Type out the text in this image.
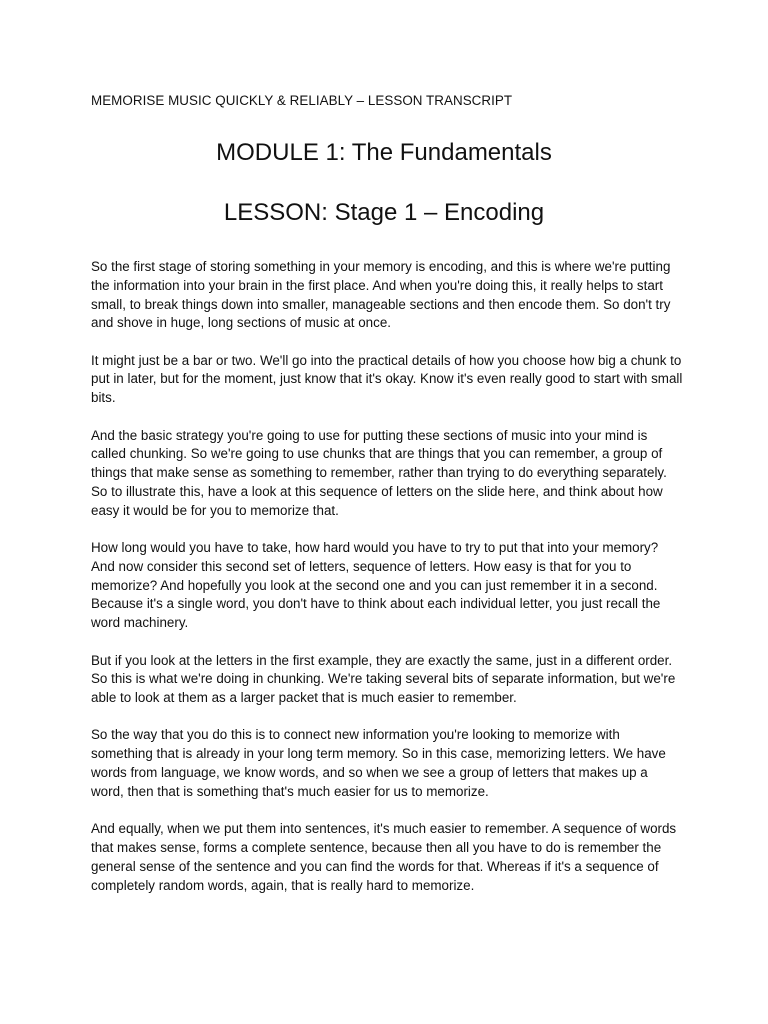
MEMORISE MUSIC QUICKLY & RELIABLY – LESSON TRANSCRIPT
MODULE 1: The Fundamentals
LESSON: Stage 1 – Encoding

So the first stage of storing something in your memory is encoding, and this is where we're putting the information into your brain in the first place. And when you're doing this, it really helps to start small, to break things down into smaller, manageable sections and then encode them. So don't try and shove in huge, long sections of music at once.

It might just be a bar or two. We'll go into the practical details of how you choose how big a chunk to put in later, but for the moment, just know that it's okay. Know it's even really good to start with small bits.

And the basic strategy you're going to use for putting these sections of music into your mind is called chunking. So we're going to use chunks that are things that you can remember, a group of things that make sense as something to remember, rather than trying to do everything separately. So to illustrate this, have a look at this sequence of letters on the slide here, and think about how easy it would be for you to memorize that.

How long would you have to take, how hard would you have to try to put that into your memory? And now consider this second set of letters, sequence of letters. How easy is that for you to memorize? And hopefully you look at the second one and you can just remember it in a second. Because it's a single word, you don't have to think about each individual letter, you just recall the word machinery.

But if you look at the letters in the first example, they are exactly the same, just in a different order. So this is what we're doing in chunking. We're taking several bits of separate information, but we're able to look at them as a larger packet that is much easier to remember.

So the way that you do this is to connect new information you're looking to memorize with something that is already in your long term memory. So in this case, memorizing letters. We have words from language, we know words, and so when we see a group of letters that makes up a word, then that is something that's much easier for us to memorize.

And equally, when we put them into sentences, it's much easier to remember. A sequence of words that makes sense, forms a complete sentence, because then all you have to do is remember the general sense of the sentence and you can find the words for that. Whereas if it's a sequence of completely random words, again, that is really hard to memorize.
